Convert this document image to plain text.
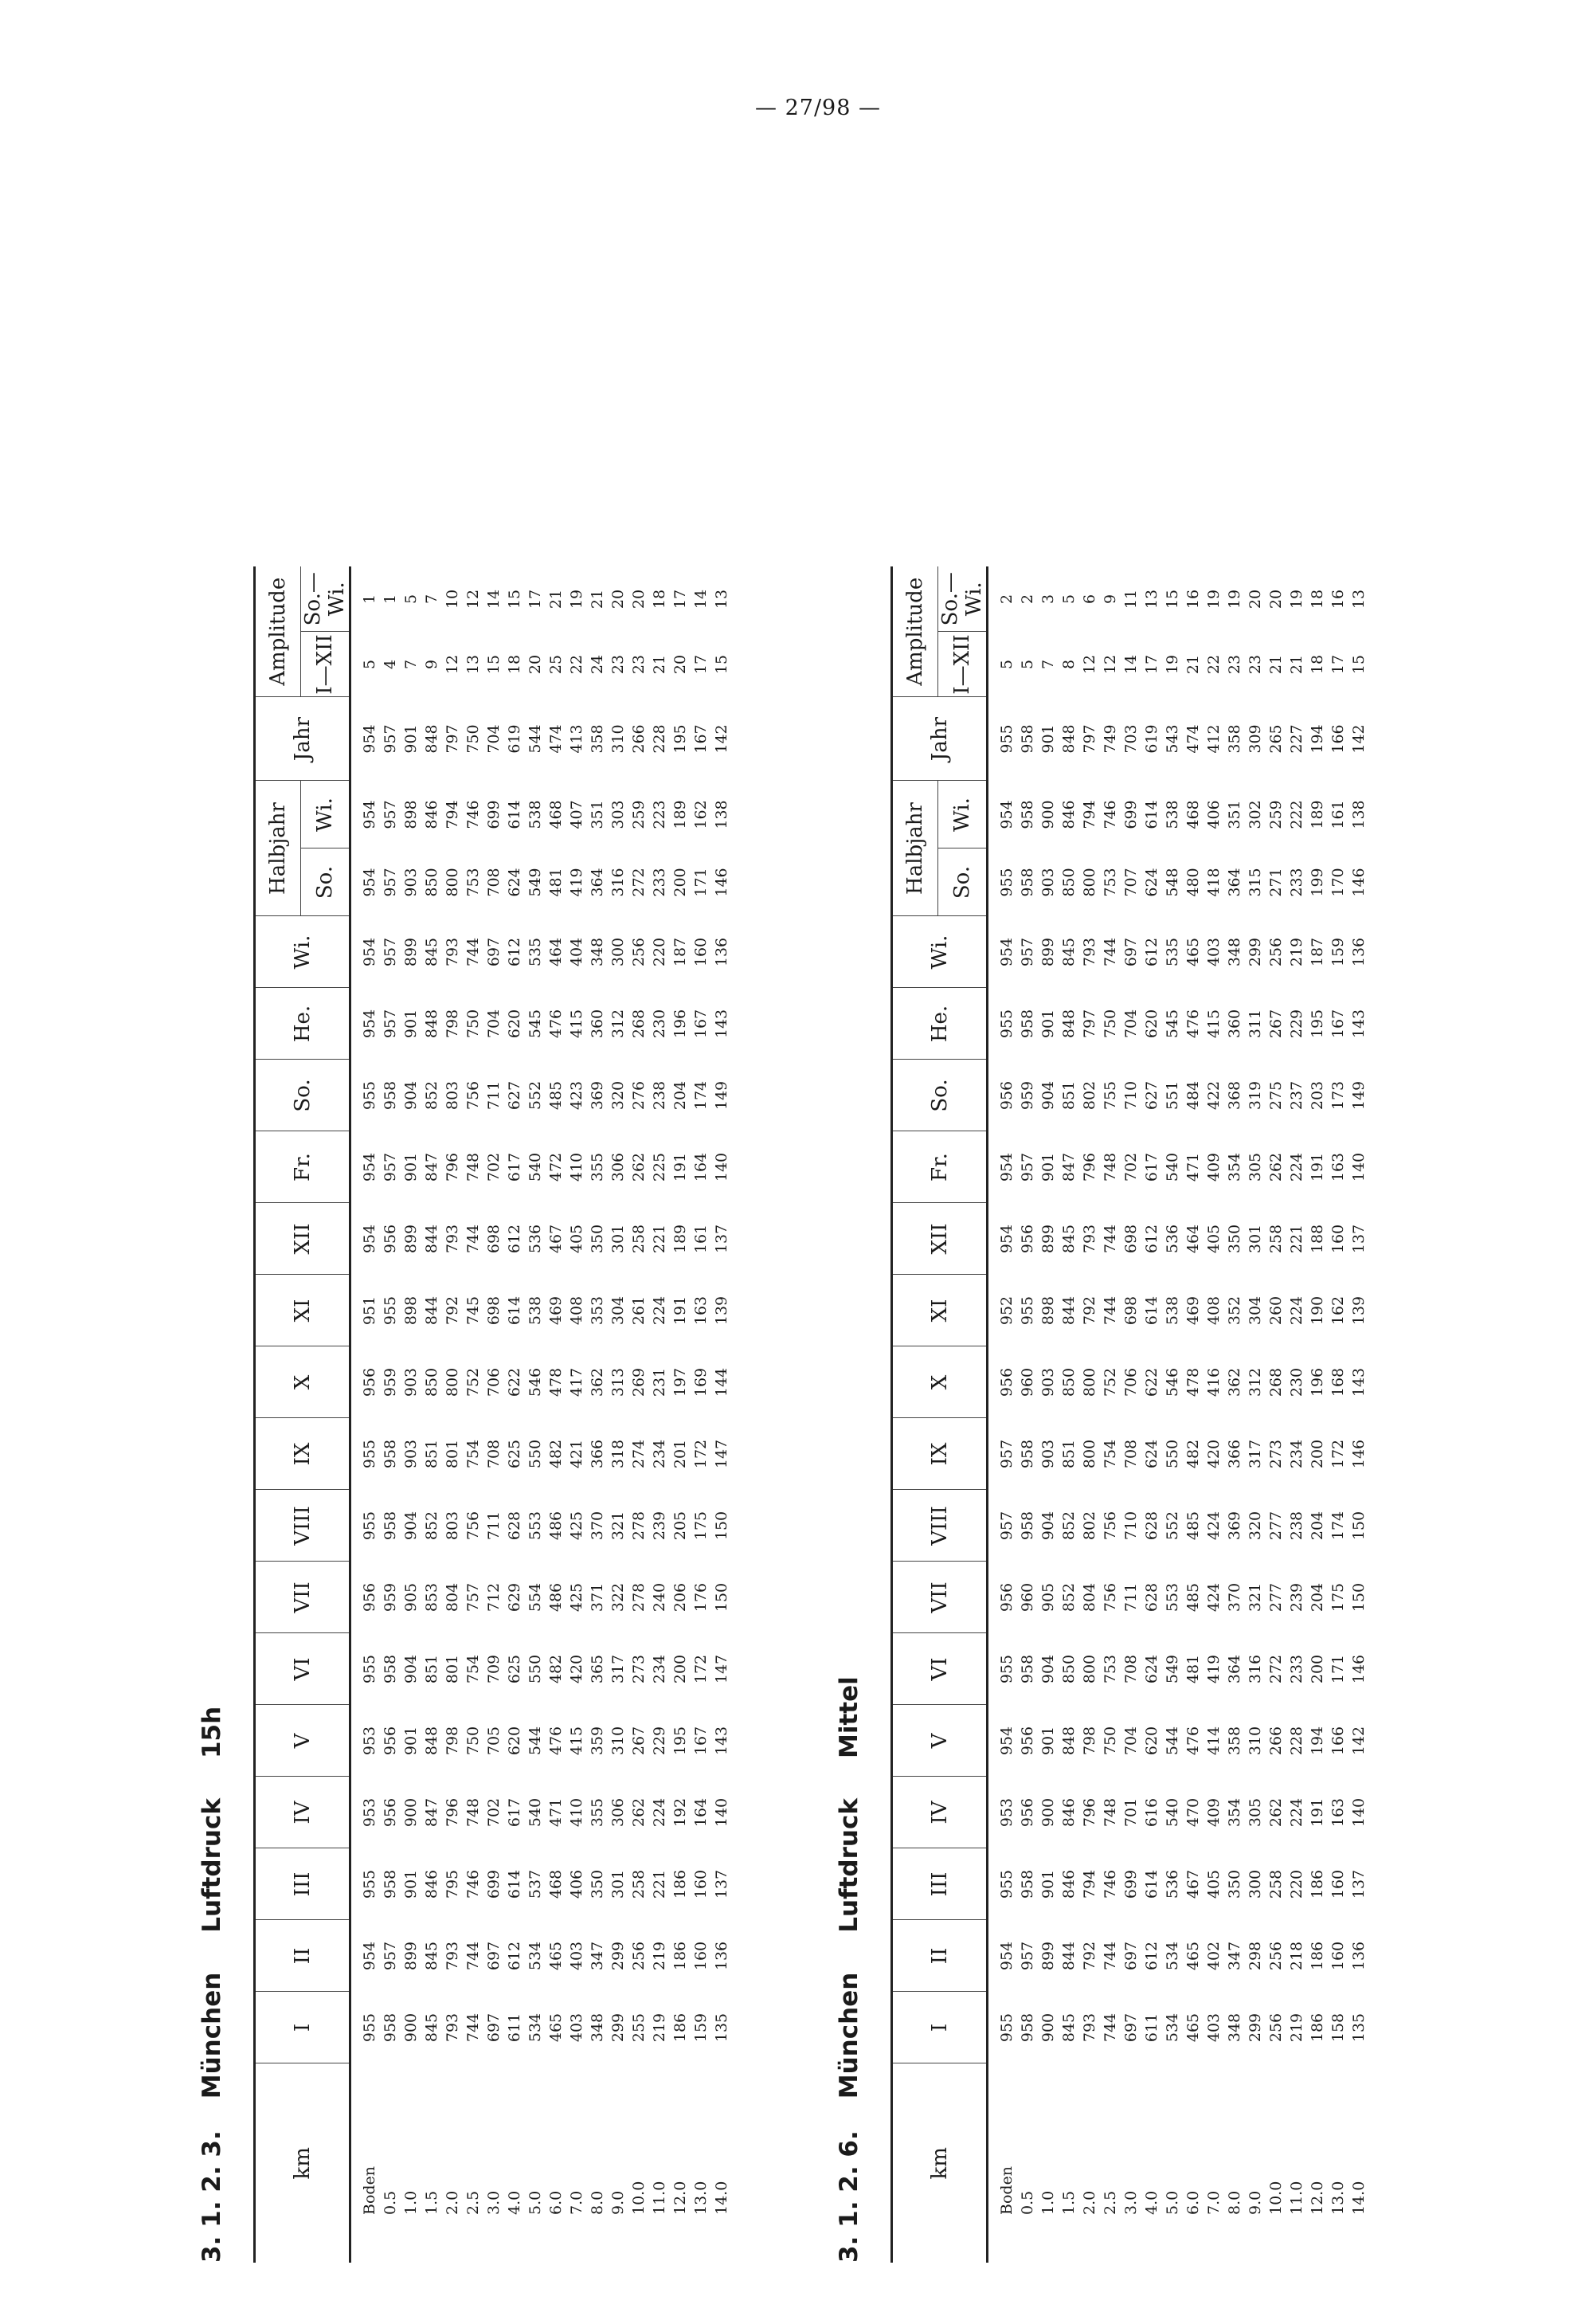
— 27/98 —
3. 1. 2. 3.MünchenLuftdruck15h
km	I	II	III	IV	V	VI	VII	VIII	IX	X	XI	XII	Fr.	So.	He.	Wi.	Halbjahr		Jahr	Amplitude	
																	So.	Wi.		I—XII	So.—Wi.
Boden	955	954	955	953	953	955	956	955	955	956	951	954	954	955	954	954	954	954	954	5	1
0.5	958	957	958	956	956	958	959	958	958	959	955	956	957	958	957	957	957	957	957	4	1
1.0	900	899	901	900	901	904	905	904	903	903	898	899	901	904	901	899	903	898	901	7	5
1.5	845	845	846	847	848	851	853	852	851	850	844	844	847	852	848	845	850	846	848	9	7
2.0	793	793	795	796	798	801	804	803	801	800	792	793	796	803	798	793	800	794	797	12	10
2.5	744	744	746	748	750	754	757	756	754	752	745	744	748	756	750	744	753	746	750	13	12
3.0	697	697	699	702	705	709	712	711	708	706	698	698	702	711	704	697	708	699	704	15	14
4.0	611	612	614	617	620	625	629	628	625	622	614	612	617	627	620	612	624	614	619	18	15
5.0	534	534	537	540	544	550	554	553	550	546	538	536	540	552	545	535	549	538	544	20	17
6.0	465	465	468	471	476	482	486	486	482	478	469	467	472	485	476	464	481	468	474	25	21
7.0	403	403	406	410	415	420	425	425	421	417	408	405	410	423	415	404	419	407	413	22	19
8.0	348	347	350	355	359	365	371	370	366	362	353	350	355	369	360	348	364	351	358	24	21
9.0	299	299	301	306	310	317	322	321	318	313	304	301	306	320	312	300	316	303	310	23	20
10.0	255	256	258	262	267	273	278	278	274	269	261	258	262	276	268	256	272	259	266	23	20
11.0	219	219	221	224	229	234	240	239	234	231	224	221	225	238	230	220	233	223	228	21	18
12.0	186	186	186	192	195	200	206	205	201	197	191	189	191	204	196	187	200	189	195	20	17
13.0	159	160	160	164	167	172	176	175	172	169	163	161	164	174	167	160	171	162	167	17	14
14.0	135	136	137	140	143	147	150	150	147	144	139	137	140	149	143	136	146	138	142	15	13
3. 1. 2. 6.MünchenLuftdruckMittel
km	I	II	III	IV	V	VI	VII	VIII	IX	X	XI	XII	Fr.	So.	He.	Wi.	Halbjahr		Jahr	Amplitude	
																	So.	Wi.		I—XII	So.—Wi.
Boden	955	954	955	953	954	955	956	957	957	956	952	954	954	956	955	954	955	954	955	5	2
0.5	958	957	958	956	956	958	960	958	958	960	955	956	957	959	958	957	958	958	958	5	2
1.0	900	899	901	900	901	904	905	904	903	903	898	899	901	904	901	899	903	900	901	7	3
1.5	845	844	846	846	848	850	852	852	851	850	844	845	847	851	848	845	850	846	848	8	5
2.0	793	792	794	796	798	800	804	802	800	800	792	793	796	802	797	793	800	794	797	12	6
2.5	744	744	746	748	750	753	756	756	754	752	744	744	748	755	750	744	753	746	749	12	9
3.0	697	697	699	701	704	708	711	710	708	706	698	698	702	710	704	697	707	699	703	14	11
4.0	611	612	614	616	620	624	628	628	624	622	614	612	617	627	620	612	624	614	619	17	13
5.0	534	534	536	540	544	549	553	552	550	546	538	536	540	551	545	535	548	538	543	19	15
6.0	465	465	467	470	476	481	485	485	482	478	469	464	471	484	476	465	480	468	474	21	16
7.0	403	402	405	409	414	419	424	424	420	416	408	405	409	422	415	403	418	406	412	22	19
8.0	348	347	350	354	358	364	370	369	366	362	352	350	354	368	360	348	364	351	358	23	19
9.0	299	298	300	305	310	316	321	320	317	312	304	301	305	319	311	299	315	302	309	23	20
10.0	256	256	258	262	266	272	277	277	273	268	260	258	262	275	267	256	271	259	265	21	20
11.0	219	218	220	224	228	233	239	238	234	230	224	221	224	237	229	219	233	222	227	21	19
12.0	186	186	186	191	194	200	204	204	200	196	190	188	191	203	195	187	199	189	194	18	18
13.0	158	160	160	163	166	171	175	174	172	168	162	160	163	173	167	159	170	161	166	17	16
14.0	135	136	137	140	142	146	150	150	146	143	139	137	140	149	143	136	146	138	142	15	13
